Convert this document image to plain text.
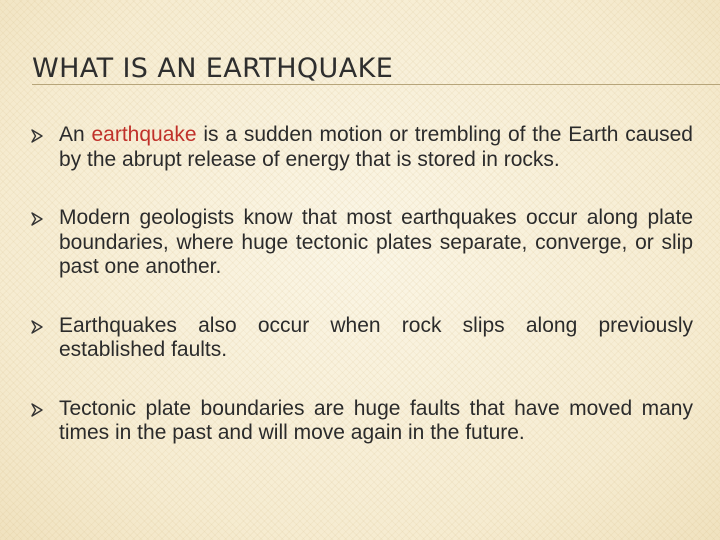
WHAT IS AN EARTHQUAKE
An earthquake is a sudden motion or trembling of the Earth caused by the abrupt release of energy that is stored in rocks.
Modern geologists know that most earthquakes occur along plate boundaries, where huge tectonic plates separate, converge, or slip past one another.
Earthquakes also occur when rock slips along previously established faults.
Tectonic plate boundaries are huge faults that have moved many times in the past and will move again in the future.
